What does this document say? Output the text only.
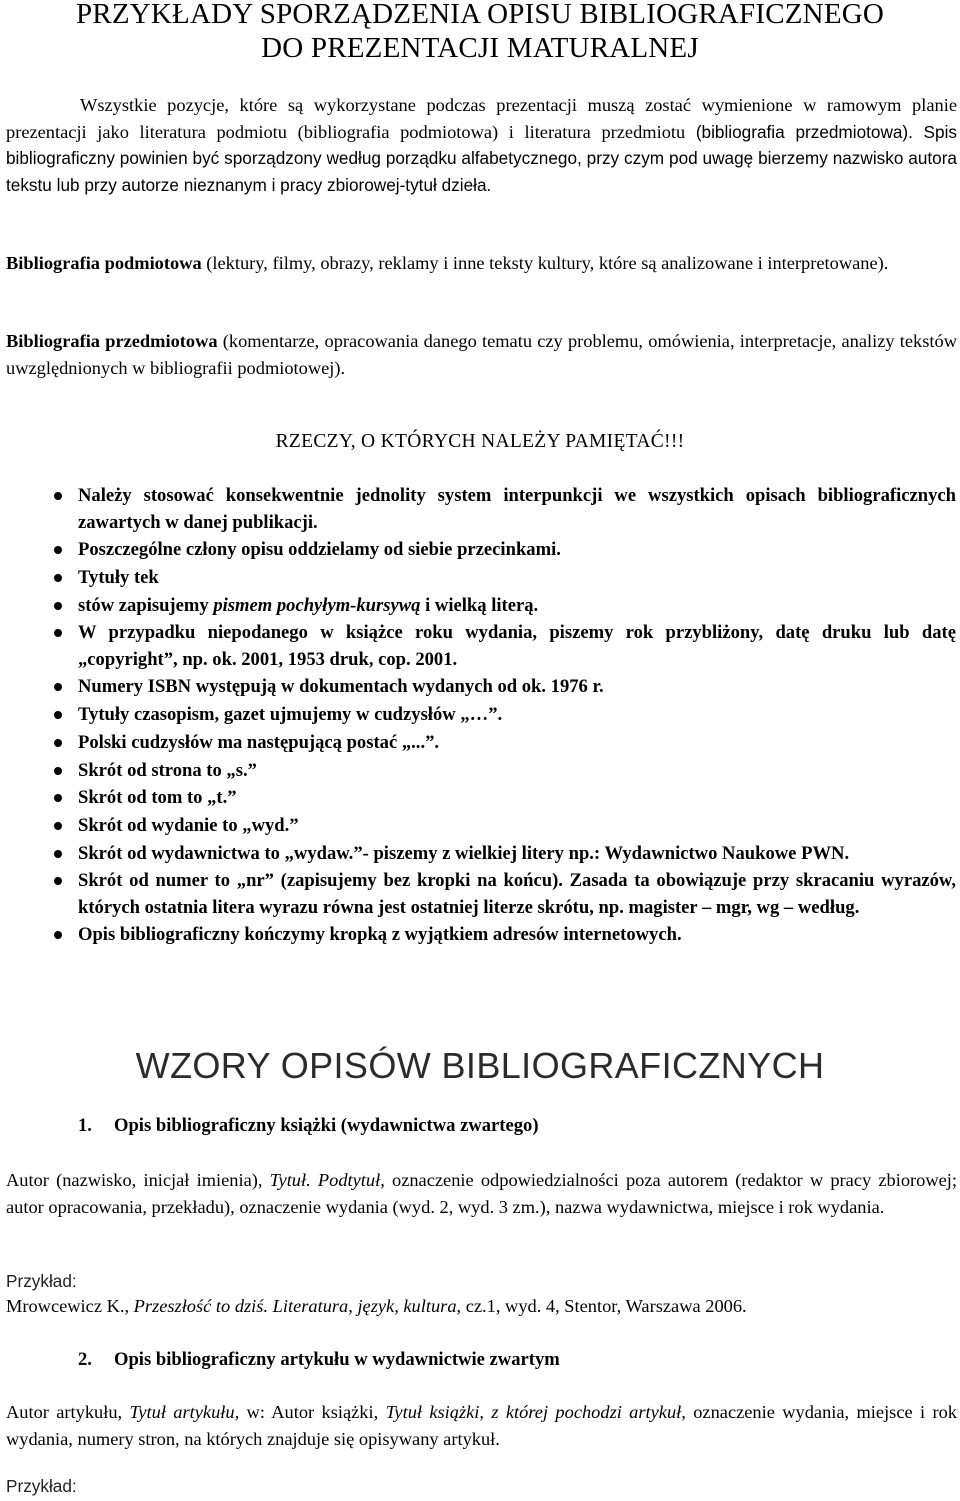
PRZYKŁADY SPORZĄDZENIA OPISU BIBLIOGRAFICZNEGO
DO PREZENTACJI MATURALNEJ
Wszystkie pozycje, które są wykorzystane podczas prezentacji muszą zostać wymienione w ramowym planie prezentacji jako literatura podmiotu (bibliografia podmiotowa) i literatura przedmiotu (bibliografia przedmiotowa). Spis bibliograficzny powinien być sporządzony według porządku alfabetycznego, przy czym pod uwagę bierzemy nazwisko autora tekstu lub przy autorze nieznanym i pracy zbiorowej-tytuł dzieła.
Bibliografia podmiotowa (lektury, filmy, obrazy, reklamy i inne teksty kultury, które są analizowane i interpretowane).
Bibliografia przedmiotowa (komentarze, opracowania danego tematu czy problemu, omówienia, interpretacje, analizy tekstów uwzględnionych w bibliografii podmiotowej).
RZECZY, O KTÓRYCH NALEŻY PAMIĘTAĆ!!!
Należy stosować konsekwentnie jednolity system interpunkcji we wszystkich opisach bibliograficznych zawartych w danej publikacji.
Poszczególne człony opisu oddzielamy od siebie przecinkami.
Tytuły tek
stów zapisujemy pismem pochyłym-kursywą i wielką literą.
W przypadku niepodanego w książce roku wydania, piszemy rok przybliżony, datę druku lub datę „copyright”, np. ok. 2001, 1953 druk, cop. 2001.
Numery ISBN występują w dokumentach wydanych od ok. 1976 r.
Tytuły czasopism, gazet ujmujemy w cudzysłów „…”.
Polski cudzysłów ma następującą postać „...”.
Skrót od strona to „s.”
Skrót od tom to „t.”
Skrót od wydanie to „wyd.”
Skrót od wydawnictwa to „wydaw.”- piszemy z wielkiej litery np.: Wydawnictwo Naukowe PWN.
Skrót od numer to „nr” (zapisujemy bez kropki na końcu). Zasada ta obowiązuje przy skracaniu wyrazów, których ostatnia litera wyrazu równa jest ostatniej literze skrótu, np. magister – mgr, wg – według.
Opis bibliograficzny kończymy kropką z wyjątkiem adresów internetowych.
WZORY OPISÓW BIBLIOGRAFICZNYCH
1. Opis bibliograficzny książki (wydawnictwa zwartego)
Autor (nazwisko, inicjał imienia), Tytuł. Podtytuł, oznaczenie odpowiedzialności poza autorem (redaktor w pracy zbiorowej; autor opracowania, przekładu), oznaczenie wydania (wyd. 2, wyd. 3 zm.), nazwa wydawnictwa, miejsce i rok wydania.
Przykład:
Mrowcewicz K., Przeszłość to dziś. Literatura, język, kultura, cz.1, wyd. 4, Stentor, Warszawa 2006.
2. Opis bibliograficzny artykułu w wydawnictwie zwartym
Autor artykułu, Tytuł artykułu, w: Autor książki, Tytuł książki, z której pochodzi artykuł, oznaczenie wydania, miejsce i rok wydania, numery stron, na których znajduje się opisywany artykuł.
Przykład:
